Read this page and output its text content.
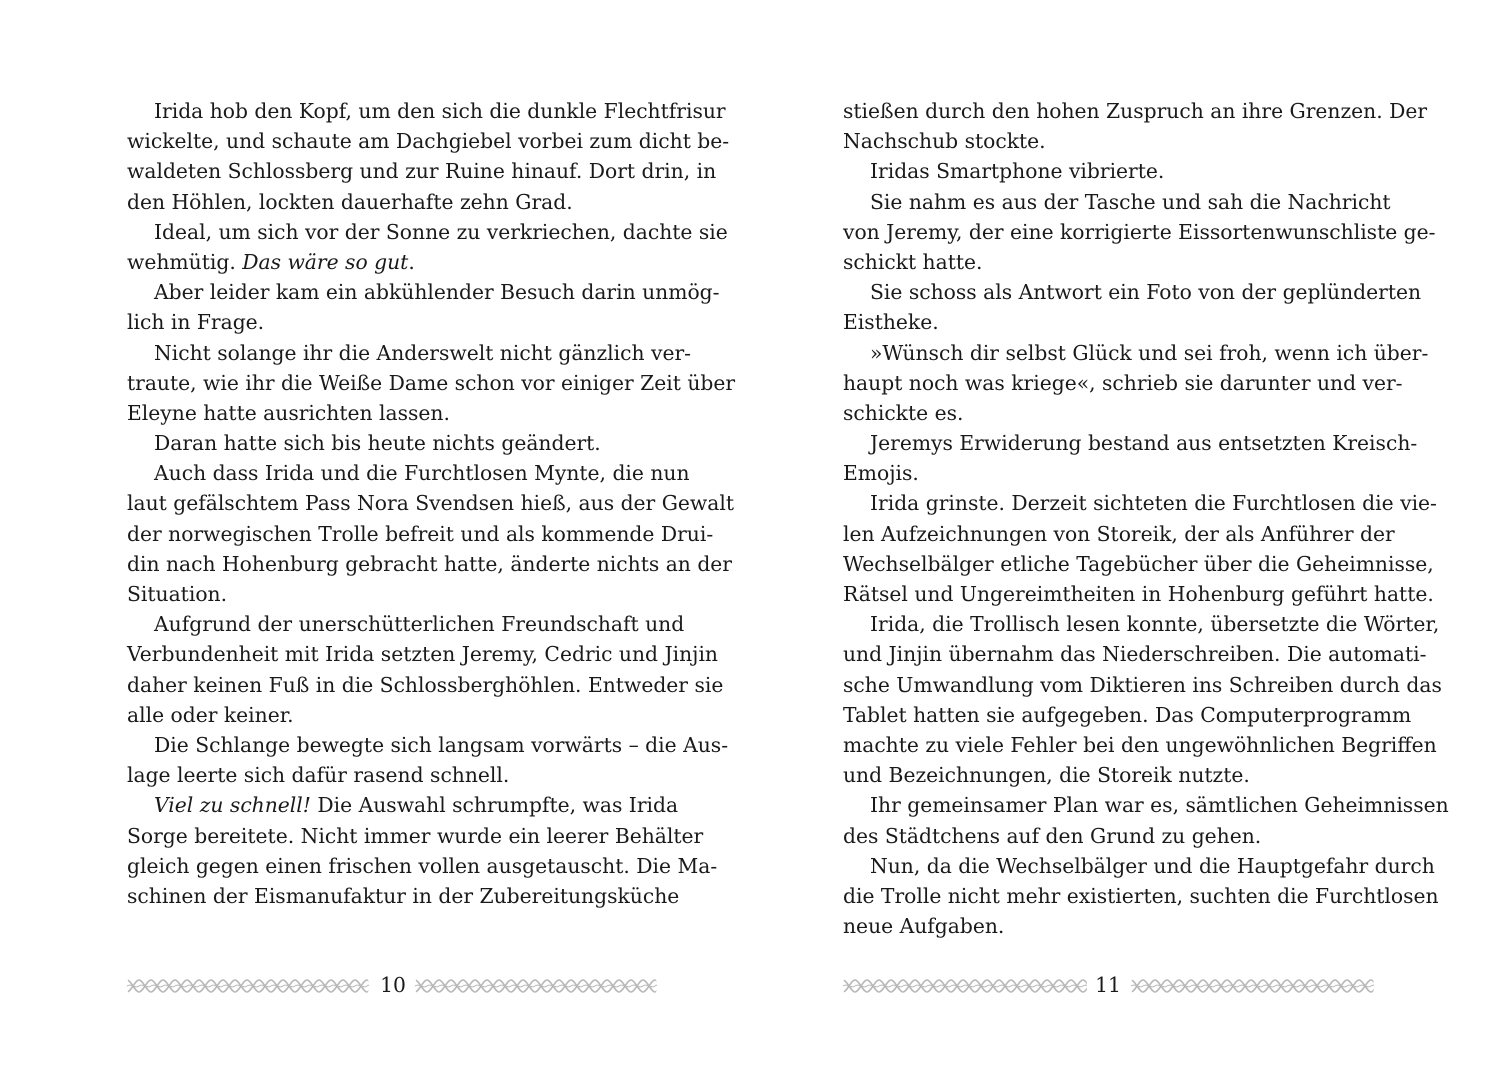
Irida hob den Kopf, um den sich die dunkle Flechtfrisur
wickelte, und schaute am Dachgiebel vorbei zum dicht be-
waldeten Schlossberg und zur Ruine hinauf. Dort drin, in
den Höhlen, lockten dauerhafte zehn Grad.
Ideal, um sich vor der Sonne zu verkriechen, dachte sie
wehmütig. Das wäre so gut.
Aber leider kam ein abkühlender Besuch darin unmög-
lich in Frage.
Nicht solange ihr die Anderswelt nicht gänzlich ver-
traute, wie ihr die Weiße Dame schon vor einiger Zeit über
Eleyne hatte ausrichten lassen.
Daran hatte sich bis heute nichts geändert.
Auch dass Irida und die Furchtlosen Mynte, die nun
laut gefälschtem Pass Nora Svendsen hieß, aus der Gewalt
der norwegischen Trolle befreit und als kommende Drui-
din nach Hohenburg gebracht hatte, änderte nichts an der
Situation.
Aufgrund der unerschütterlichen Freundschaft und
Verbundenheit mit Irida setzten Jeremy, Cedric und Jinjin
daher keinen Fuß in die Schlossberghöhlen. Entweder sie
alle oder keiner.
Die Schlange bewegte sich langsam vorwärts – die Aus-
lage leerte sich dafür rasend schnell.
Viel zu schnell! Die Auswahl schrumpfte, was Irida
Sorge bereitete. Nicht immer wurde ein leerer Behälter
gleich gegen einen frischen vollen ausgetauscht. Die Ma-
schinen der Eismanufaktur in der Zubereitungsküche
10
stießen durch den hohen Zuspruch an ihre Grenzen. Der
Nachschub stockte.
Iridas Smartphone vibrierte.
Sie nahm es aus der Tasche und sah die Nachricht
von Jeremy, der eine korrigierte Eissortenwunschliste ge-
schickt hatte.
Sie schoss als Antwort ein Foto von der geplünderten
Eistheke.
»Wünsch dir selbst Glück und sei froh, wenn ich über-
haupt noch was kriege«, schrieb sie darunter und ver-
schickte es.
Jeremys Erwiderung bestand aus entsetzten Kreisch-
Emojis.
Irida grinste. Derzeit sichteten die Furchtlosen die vie-
len Aufzeichnungen von Storeik, der als Anführer der
Wechselbälger etliche Tagebücher über die Geheimnisse,
Rätsel und Ungereimtheiten in Hohenburg geführt hatte.
Irida, die Trollisch lesen konnte, übersetzte die Wörter,
und Jinjin übernahm das Niederschreiben. Die automati-
sche Umwandlung vom Diktieren ins Schreiben durch das
Tablet hatten sie aufgegeben. Das Computerprogramm
machte zu viele Fehler bei den ungewöhnlichen Begriffen
und Bezeichnungen, die Storeik nutzte.
Ihr gemeinsamer Plan war es, sämtlichen Geheimnissen
des Städtchens auf den Grund zu gehen.
Nun, da die Wechselbälger und die Hauptgefahr durch
die Trolle nicht mehr existierten, suchten die Furchtlosen
neue Aufgaben.
11
